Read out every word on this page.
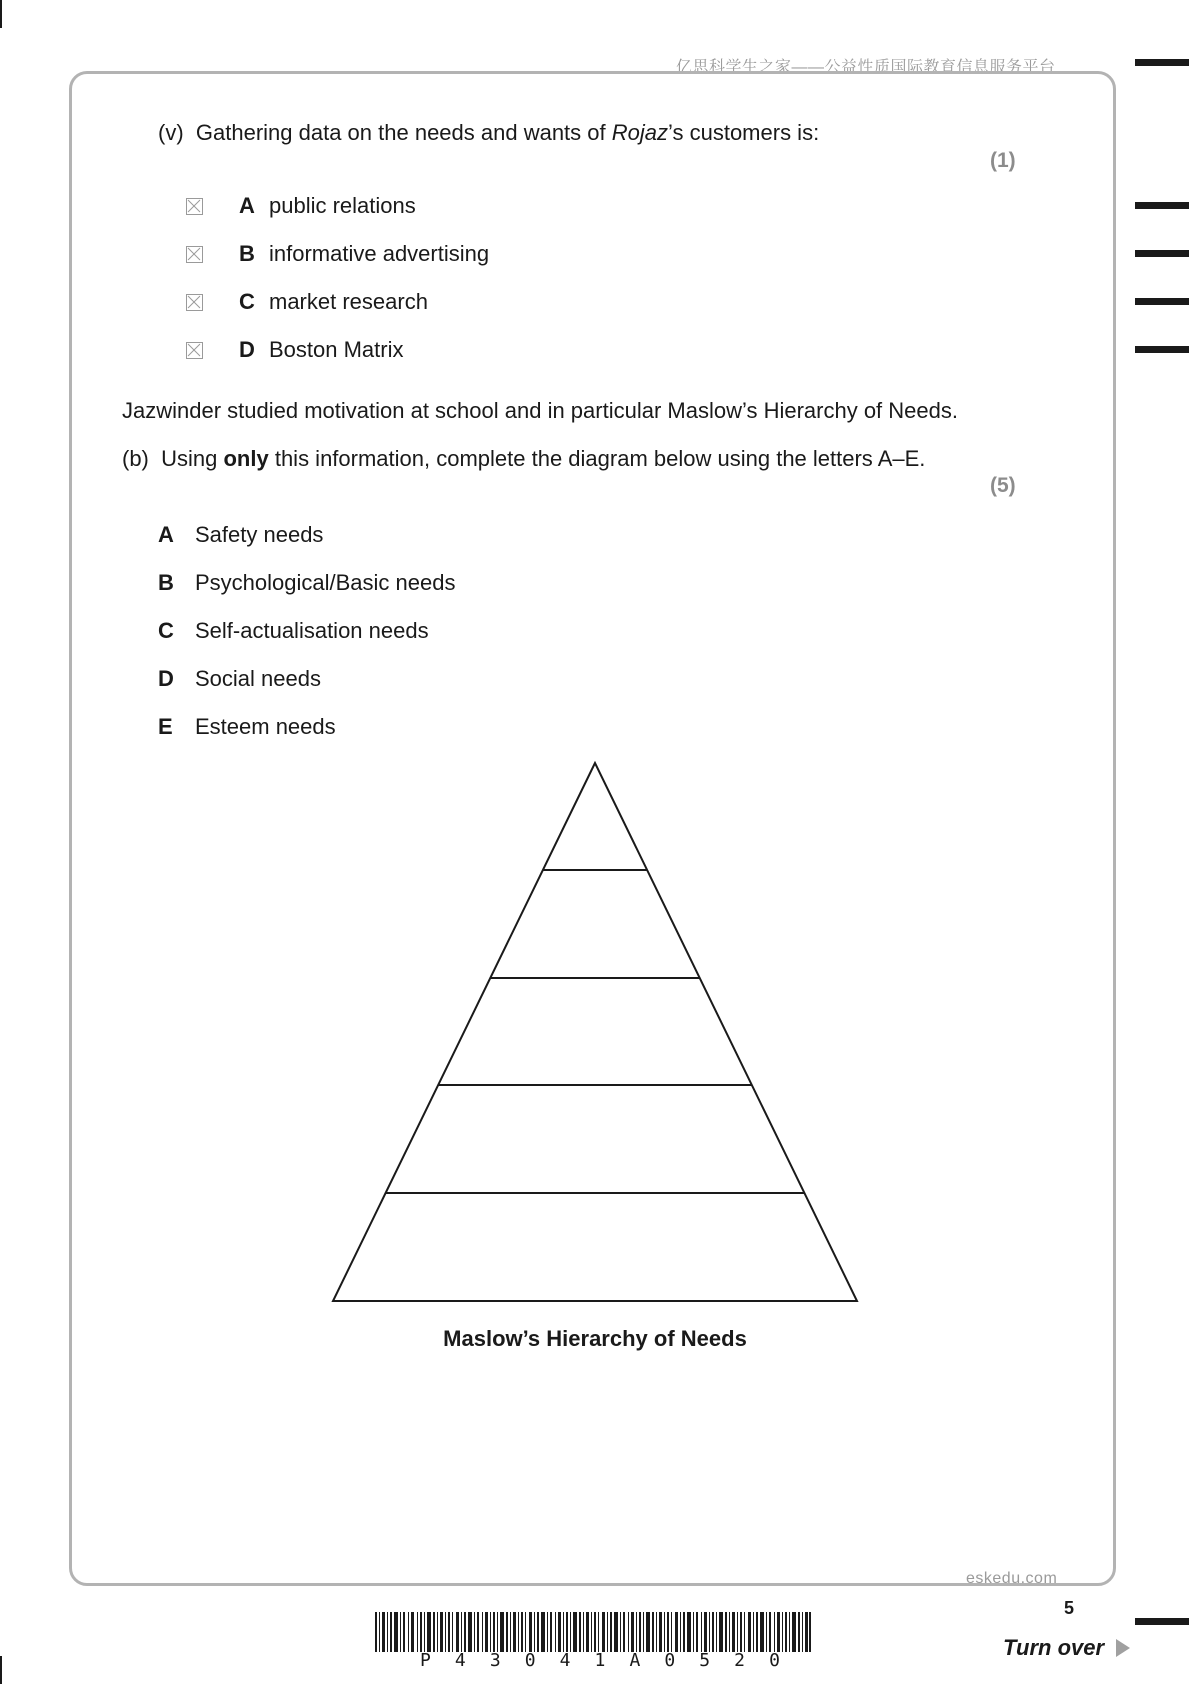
亿思科学生之家——公益性质国际教育信息服务平台
(v) Gathering data on the needs and wants of Rojaz’s customers is:
(1)
A public relations
B informative advertising
C market research
D Boston Matrix
Jazwinder studied motivation at school and in particular Maslow’s Hierarchy of Needs.
(b) Using only this information, complete the diagram below using the letters A–E.
(5)
A Safety needs
B Psychological/Basic needs
C Self-actualisation needs
D Social needs
E	Esteem needs
Maslow’s Hierarchy of Needs
eskedu.com
5
Turn over
P 4 3 0 4 1 A 0 5 2 0
